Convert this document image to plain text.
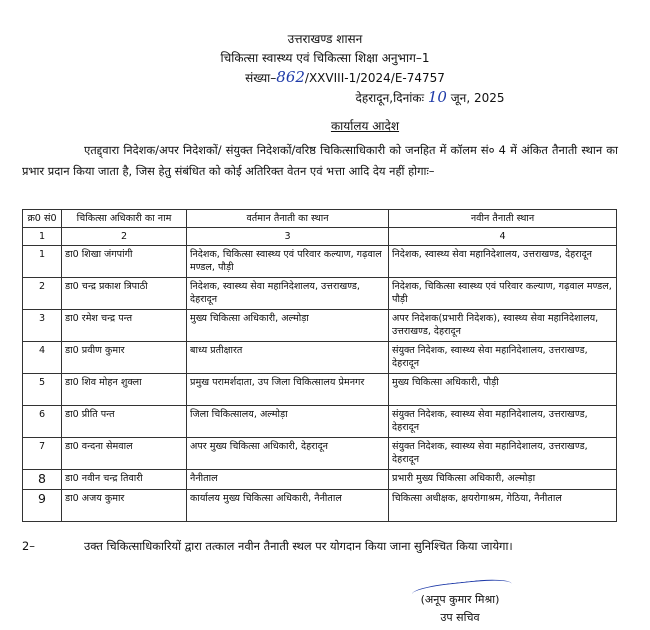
उत्तराखण्ड शासन
चिकित्सा स्वास्थ्य एवं चिकित्सा शिक्षा अनुभाग–1
संख्या–862/XXVIII-1/2024/E-74757
देहरादून,दिनांकः 10 जून, 2025
कार्यालय आदेश
एतद्द्वारा निदेशक/अपर निदेशकों/ संयुक्त निदेशकों/वरिष्ठ चिकित्साधिकारी को जनहित में कॉलम सं० 4 में अंकित तैनाती स्थान का प्रभार प्रदान किया जाता है, जिस हेतु संबंधित को कोई अतिरिक्त वेतन एवं भत्ता आदि देय नहीं होगाः–
क्र0 सं0	चिकित्सा अधिकारी का नाम	वर्तमान तैनाती का स्थान	नवीन तैनाती स्थान
1	2	3	4
1	डा0 शिखा जंगपांगी	निदेशक, चिकित्सा स्वास्थ्य एवं परिवार कल्याण, गढ़वाल मण्डल, पौड़ी	निदेशक, स्वास्थ्य सेवा महानिदेशालय, उत्तराखण्ड, देहरादून
2	डा0 चन्द्र प्रकाश त्रिपाठी	निदेशक, स्वास्थ्य सेवा महानिदेशालय, उत्तराखण्ड, देहरादून	निदेशक, चिकित्सा स्वास्थ्य एवं परिवार कल्याण, गढ़वाल मण्डल, पौड़ी
3	डा0 रमेश चन्द्र पन्त	मुख्य चिकित्सा अधिकारी, अल्मोड़ा	अपर निदेशक(प्रभारी निदेशक), स्वास्थ्य सेवा महानिदेशालय, उत्तराखण्ड, देहरादून
4	डा0 प्रवीण कुमार	बाध्य प्रतीक्षारत	संयुक्त निदेशक, स्वास्थ्य सेवा महानिदेशालय, उत्तराखण्ड, देहरादून
5	डा0 शिव मोहन शुक्ला	प्रमुख परामर्शदाता, उप जिला चिकित्सालय प्रेमनगर	मुख्य चिकित्सा अधिकारी, पौड़ी
6	डा0 प्रीति पन्त	जिला चिकित्सालय, अल्मोड़ा	संयुक्त निदेशक, स्वास्थ्य सेवा महानिदेशालय, उत्तराखण्ड, देहरादून
7	डा0 वन्दना सेमवाल	अपर मुख्य चिकित्सा अधिकारी, देहरादून	संयुक्त निदेशक, स्वास्थ्य सेवा महानिदेशालय, उत्तराखण्ड, देहरादून
8	डा0 नवीन चन्द्र तिवारी	नैनीताल	प्रभारी मुख्य चिकित्सा अधिकारी, अल्मोड़ा
9	डा0 अजय कुमार	कार्यालय मुख्य चिकित्सा अधिकारी, नैनीताल	चिकित्सा अधीक्षक, क्षयरोगाश्रम, गेठिया, नैनीताल
2–	उक्त चिकित्साधिकारियों द्वारा तत्काल नवीन तैनाती स्थल पर योगदान किया जाना सुनिश्चित किया जायेगा।
(अनूप कुमार मिश्रा)
उप सचिव
